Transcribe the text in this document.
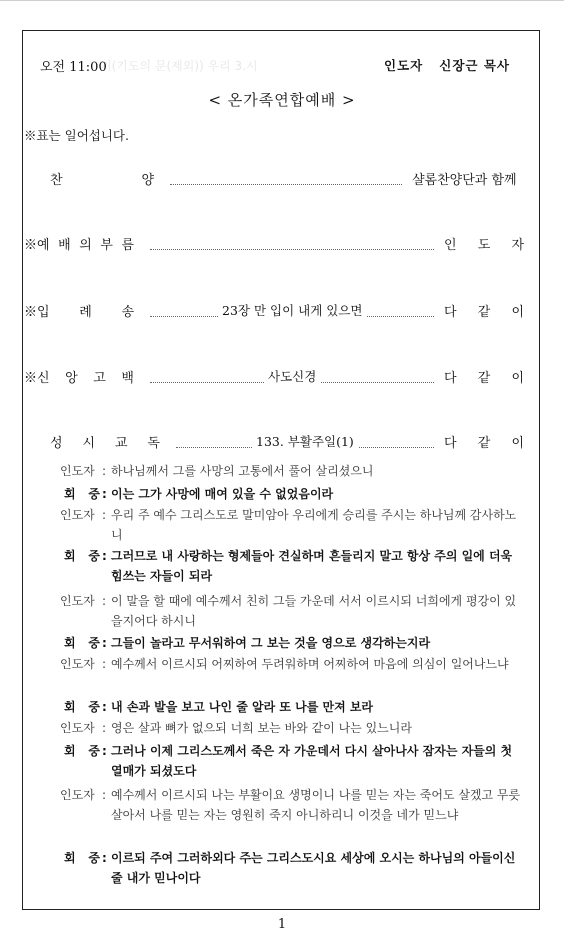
기(기도의 문(제외)) 우리 3.시
오전 11:00	인도자   신장근 목사
< 온가족연합예배 >
※표는 일어섭니다.
찬	양	샬롬찬양단과 함께
※예 배 의 부 름	인 도 자
※입 례 송	23장 만 입이 내게 있으면	다 같 이
※신 앙 고 백	사도신경	다 같 이
성 시 교 독	133. 부활주일(1)	다 같 이
인도자 : 하나님께서 그를 사망의 고통에서 풀어 살리셨으니
회 중 : 이는 그가 사망에 매여 있을 수 없었음이라
인도자 : 우리 주 예수 그리스도로 말미암아 우리에게 승리를 주시는 하나님께 감사하노니
회 중 : 그러므로 내 사랑하는 형제들아 견실하며 흔들리지 말고 항상 주의 일에 더욱 힘쓰는 자들이 되라
인도자 : 이 말을 할 때에 예수께서 친히 그들 가운데 서서 이르시되 너희에게 평강이 있을지어다 하시니
회 중 : 그들이 놀라고 무서워하여 그 보는 것을 영으로 생각하는지라
인도자 : 예수께서 이르시되 어찌하여 두려워하며 어찌하여 마음에 의심이 일어나느냐
회 중 : 내 손과 발을 보고 나인 줄 알라 또 나를 만져 보라
인도자 : 영은 살과 뼈가 없으되 너희 보는 바와 같이 나는 있느니라
회 중 : 그러나 이제 그리스도께서 죽은 자 가운데서 다시 살아나사 잠자는 자들의 첫 열매가 되셨도다
인도자 : 예수께서 이르시되 나는 부활이요 생명이니 나를 믿는 자는 죽어도 살겠고 무릇 살아서 나를 믿는 자는 영원히 죽지 아니하리니 이것을 네가 믿느냐
회 중 : 이르되 주여 그러하외다 주는 그리스도시요 세상에 오시는 하나님의 아들이신 줄 내가 믿나이다
1
